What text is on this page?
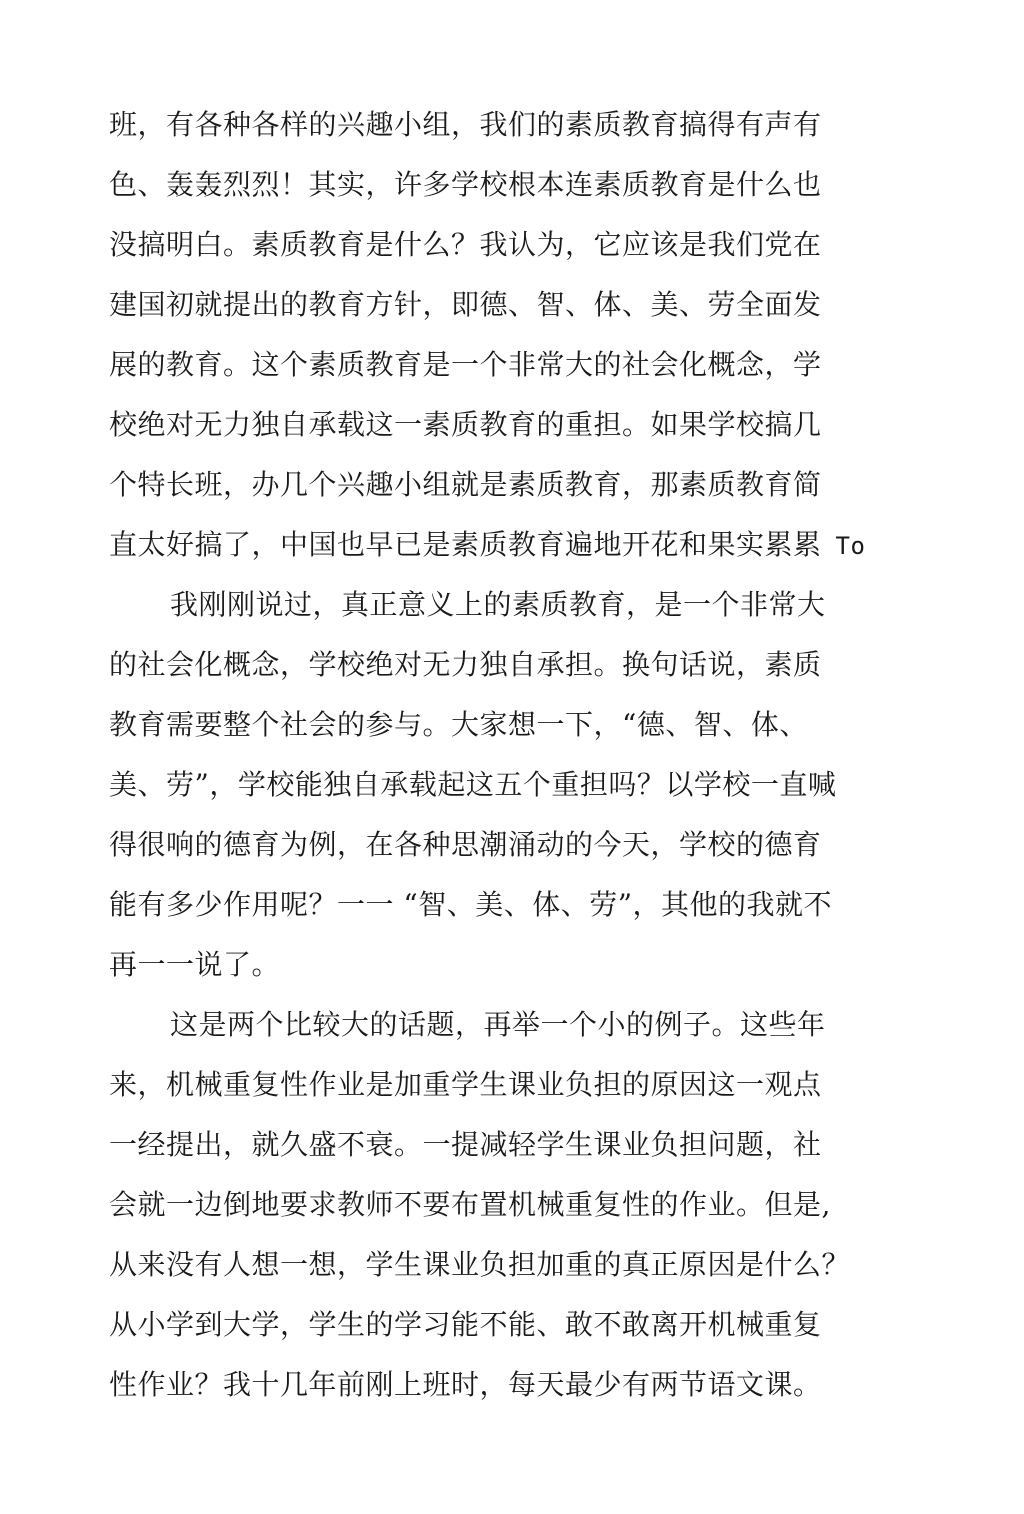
班，有各种各样的兴趣小组，我们的素质教育搞得有声有
色、轰轰烈烈！其实，许多学校根本连素质教育是什么也
没搞明白。素质教育是什么？我认为，它应该是我们党在
建国初就提出的教育方针，即德、智、体、美、劳全面发
展的教育。这个素质教育是一个非常大的社会化概念，学
校绝对无力独自承载这一素质教育的重担。如果学校搞几
个特长班，办几个兴趣小组就是素质教育，那素质教育简
直太好搞了，中国也早已是素质教育遍地开花和果实累累 To
我刚刚说过，真正意义上的素质教育，是一个非常大
的社会化概念，学校绝对无力独自承担。换句话说，素质
教育需要整个社会的参与。大家想一下，“德、智、体、
美、劳”，学校能独自承载起这五个重担吗？以学校一直喊
得很响的德育为例，在各种思潮涌动的今天，学校的德育
能有多少作用呢？一一 “智、美、体、劳”，其他的我就不
再一一说了。
这是两个比较大的话题，再举一个小的例子。这些年
来，机械重复性作业是加重学生课业负担的原因这一观点
一经提出，就久盛不衰。一提减轻学生课业负担问题，社
会就一边倒地要求教师不要布置机械重复性的作业。但是,
从来没有人想一想，学生课业负担加重的真正原因是什么？
从小学到大学，学生的学习能不能、敢不敢离开机械重复
性作业？我十几年前刚上班时，每天最少有两节语文课。
